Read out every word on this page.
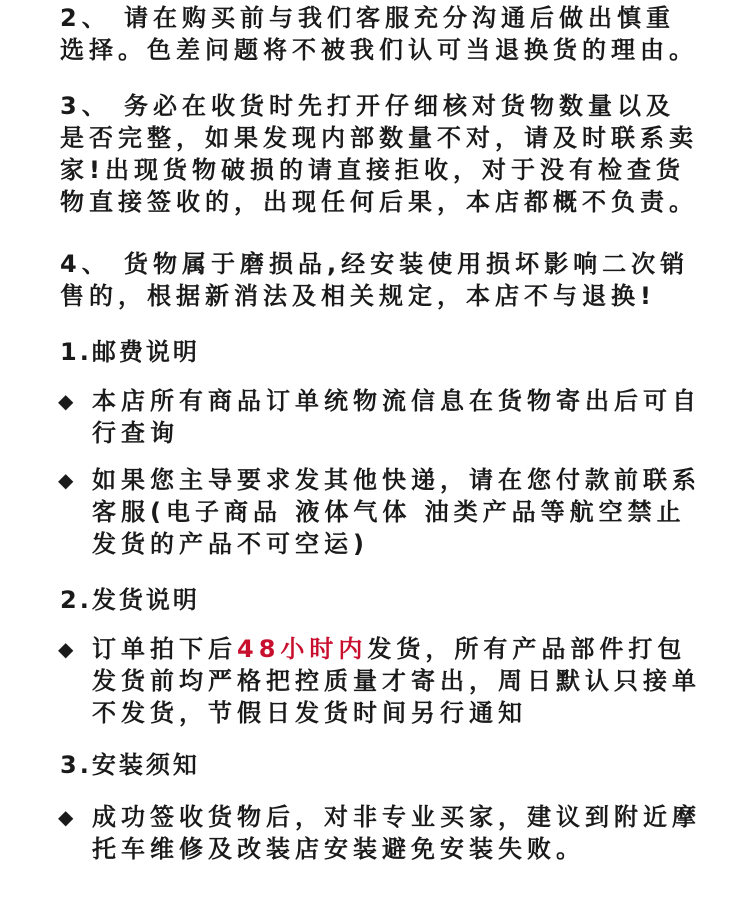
2、 请在购买前与我们客服充分沟通后做出慎重选择。色差问题将不被我们认可当退换货的理由。

3、 务必在收货时先打开仔细核对货物数量以及是否完整，如果发现内部数量不对，请及时联系卖家!出现货物破损的请直接拒收，对于没有检查货物直接签收的，出现任何后果，本店都概不负责。

4、 货物属于磨损品,经安装使用损坏影响二次销售的，根据新消法及相关规定，本店不与退换!

1.邮费说明
◆ 本店所有商品订单统物流信息在货物寄出后可自行查询
◆ 如果您主导要求发其他快递，请在您付款前联系客服(电子商品 液体气体 油类产品等航空禁止发货的产品不可空运)
2.发货说明
◆ 订单拍下后48小时内发货，所有产品部件打包发货前均严格把控质量才寄出，周日默认只接单不发货，节假日发货时间另行通知
3.安装须知
◆ 成功签收货物后，对非专业买家，建议到附近摩托车维修及改装店安装避免安装失败。
